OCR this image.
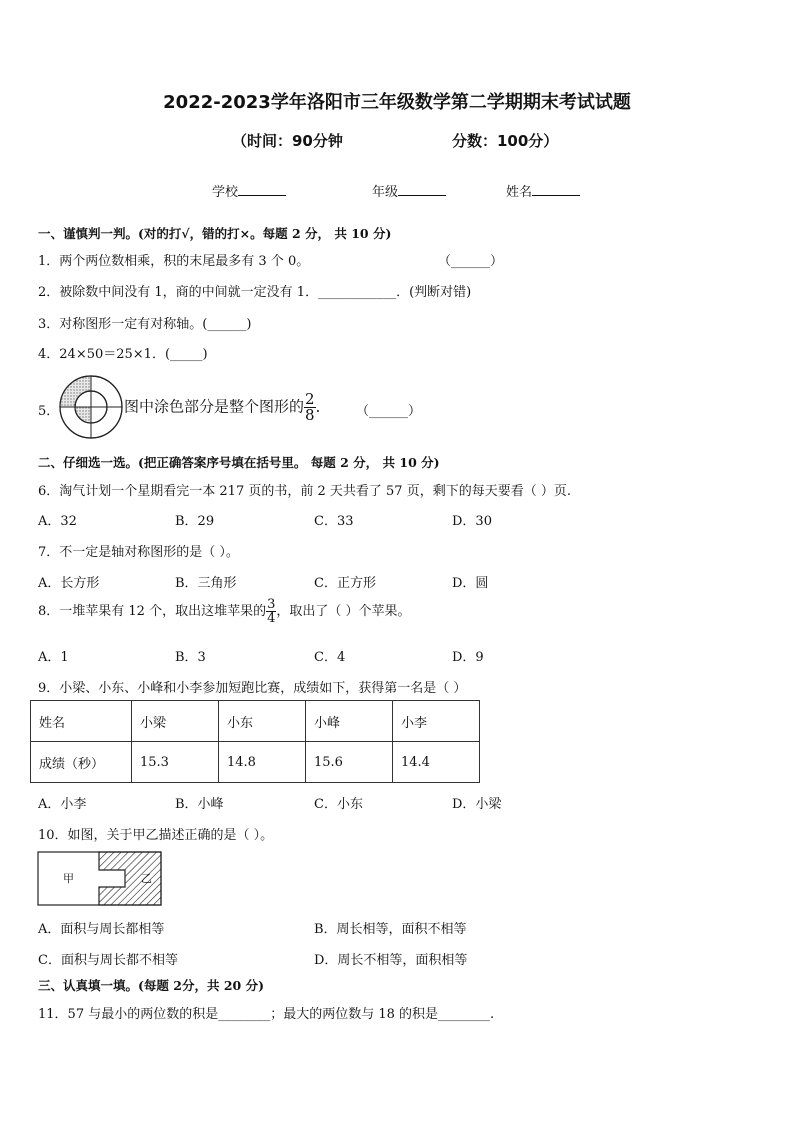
2022-2023学年洛阳市三年级数学第二学期期末考试试题
（时间：90分钟	分数：100分）
学校	年级	姓名
一、谨慎判一判。(对的打√，错的打×。每题 2 分， 共 10 分)
1．两个两位数相乘，积的末尾最多有 3 个 0。	（______）
2．被除数中间没有 1，商的中间就一定没有 1．____________．(判断对错)
3．对称图形一定有对称轴。(______)
4．24×50＝25×1．(_____)
5．	图中涂色部分是整个图形的 $\frac{2}{8}$ ． （______）
二、仔细选一选。(把正确答案序号填在括号里。 每题 2 分， 共 10 分)
6．淘气计划一个星期看完一本 217 页的书，前 2 天共看了 57 页，剩下的每天要看（ ）页.
A．32	B．29	C．33	D．30
7．不一定是轴对称图形的是（ ）。
A．长方形	B．三角形	C．正方形	D．圆
8．一堆苹果有 12 个，取出这堆苹果的 $\frac{3}{4}$ ，取出了（ ）个苹果。
A．1	B．3	C．4	D．9
9．小梁、小东、小峰和小李参加短跑比赛，成绩如下，获得第一名是（ ）
姓名	小梁	小东	小峰	小李
成绩（秒）	15.3	14.8	15.6	14.4
A．小李	B．小峰	C．小东	D．小梁
10．如图，关于甲乙描述正确的是（ ）。
甲	乙
A．面积与周长都相等	B．周长相等，面积不相等
C．面积与周长都不相等	D．周长不相等，面积相等
三、认真填一填。(每题 2分，共 20 分)
11．57 与最小的两位数的积是________；最大的两位数与 18 的积是________.
